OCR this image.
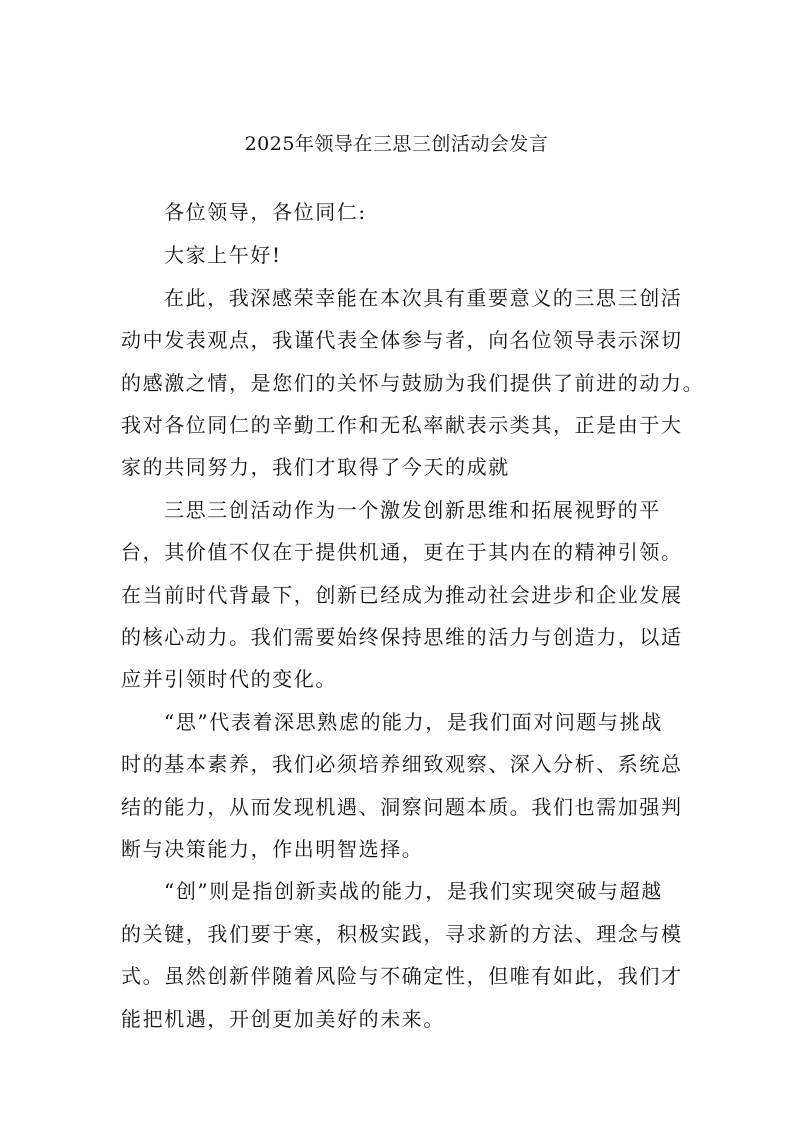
2025年领导在三思三创活动会发言
各位领导，各位同仁:
大家上午好!
在此，我深感荣幸能在本次具有重要意义的三思三创活
动中发表观点，我谨代表全体参与者，向名位领导表示深切
的感激之情，是您们的关怀与鼓励为我们提供了前进的动力。
我对各位同仁的辛勤工作和无私率献表示类其，正是由于大
家的共同努力，我们才取得了今天的成就
三思三创活动作为一个激发创新思维和拓展视野的平
台，其价值不仅在于提供机通，更在于其内在的精神引领。
在当前时代背最下，创新已经成为推动社会进步和企业发展
的核心动力。我们需要始终保持思维的活力与创造力，以适
应并引领时代的变化。
“思”代表着深思熟虑的能力，是我们面对问题与挑战
时的基本素养，我们必须培养细致观察、深入分析、系统总
结的能力，从而发现机遇、洞察问题本质。我们也需加强判
断与决策能力，作出明智选择。
“创”则是指创新卖战的能力，是我们实现突破与超越
的关键，我们要于寒，积极实践，寻求新的方法、理念与模
式。虽然创新伴随着风险与不确定性，但唯有如此，我们才
能把机遇，开创更加美好的未来。
